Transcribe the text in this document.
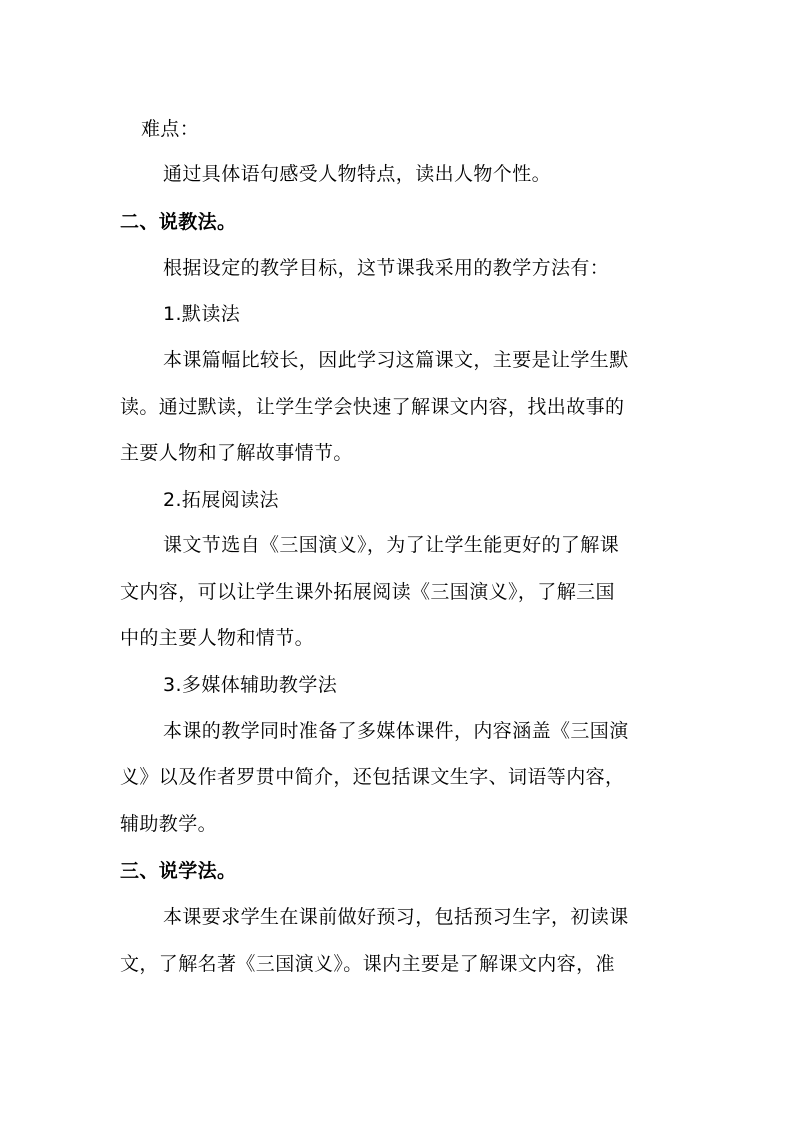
难点：
通过具体语句感受人物特点，读出人物个性。
二、说教法。
根据设定的教学目标，这节课我采用的教学方法有：
1.默读法
本课篇幅比较长，因此学习这篇课文，主要是让学生默
读。通过默读，让学生学会快速了解课文内容，找出故事的
主要人物和了解故事情节。
2.拓展阅读法
课文节选自《三国演义》，为了让学生能更好的了解课
文内容，可以让学生课外拓展阅读《三国演义》，了解三国
中的主要人物和情节。
3.多媒体辅助教学法
本课的教学同时准备了多媒体课件，内容涵盖《三国演
义》以及作者罗贯中简介，还包括课文生字、词语等内容，
辅助教学。
三、说学法。
本课要求学生在课前做好预习，包括预习生字，初读课
文，了解名著《三国演义》。课内主要是了解课文内容，准
